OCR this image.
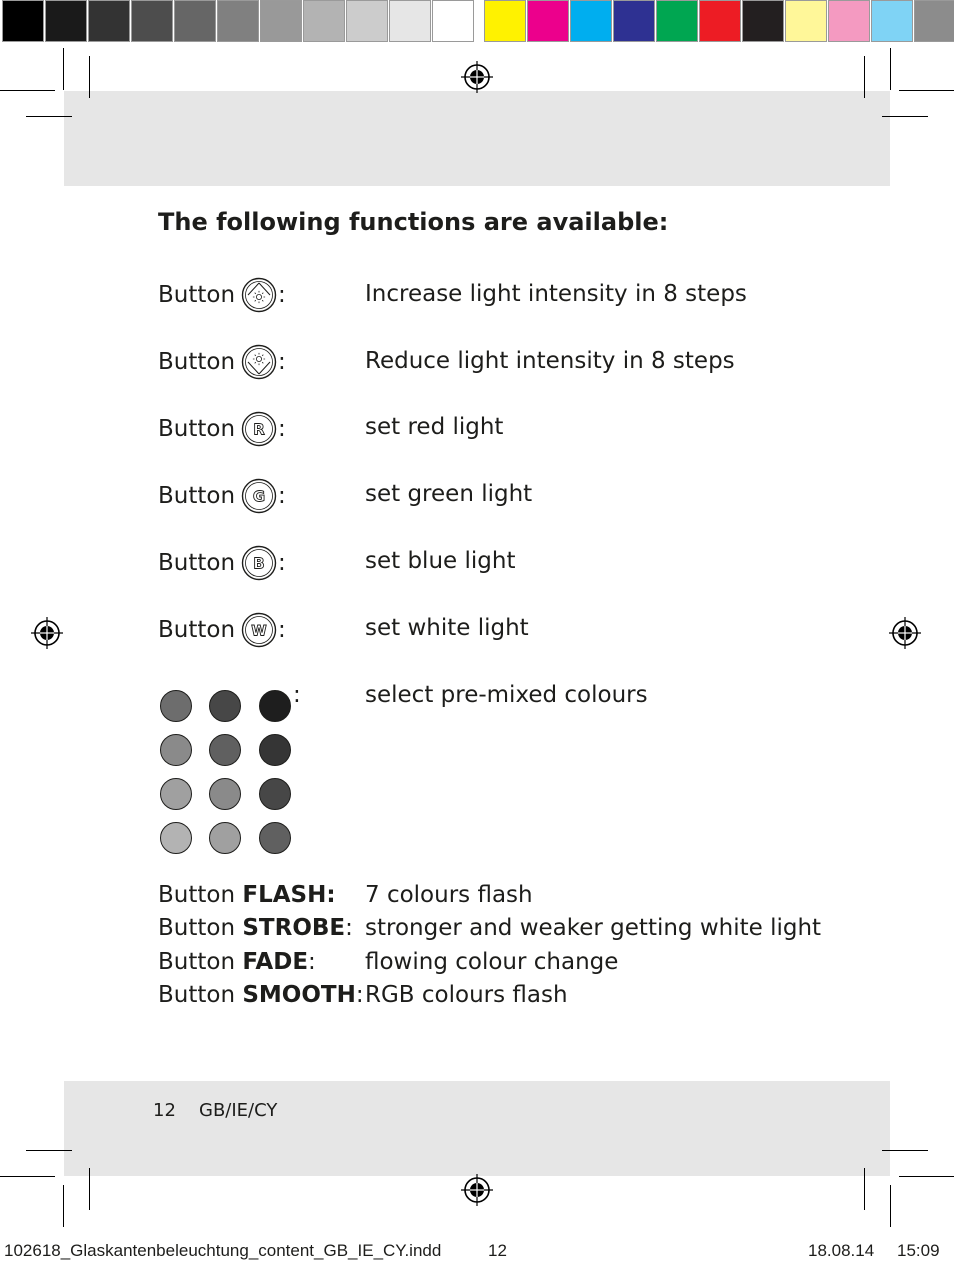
The following functions are available:
Button :	Increase light intensity in 8 steps
Button :	Reduce light intensity in 8 steps
Button R :	set red light
Button G :	set green light
Button B :	set blue light
Button W :	set white light
:	select pre-mixed colours
Button FLASH: 7 colours flash
Button STROBE: stronger and weaker getting white light
Button FADE: flowing colour change
Button SMOOTH: RGB colours flash
12 GB/IE/CY
102618_Glaskantenbeleuchtung_content_GB_IE_CY.indd	12	18.08.14 15:09
